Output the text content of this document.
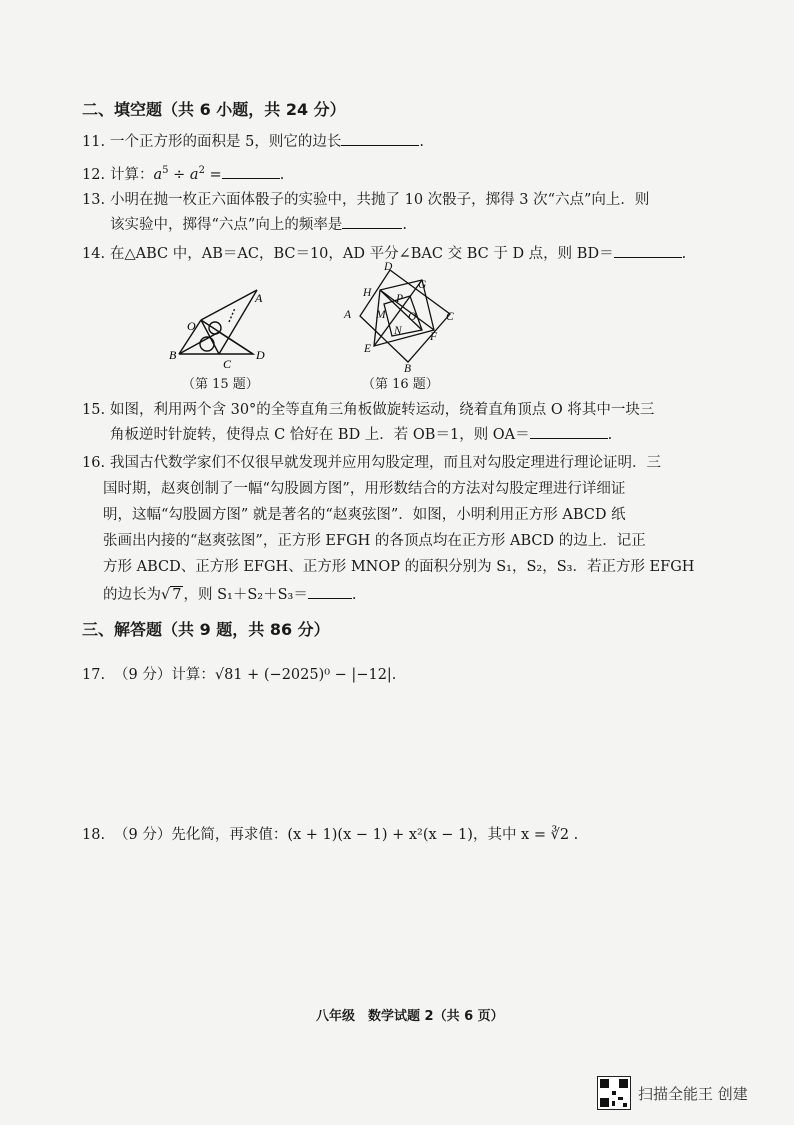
二、填空题（共 6 小题，共 24 分）
11. 一个正方形的面积是 5，则它的边长	.
12. 计算：$a^5 \div a^2$ =	.
13. 小明在抛一枚正六面体骰子的实验中，共抛了 10 次骰子，掷得 3 次“六点”向上．则
该实验中，掷得“六点”向上的频率是	.
14. 在△ABC 中，AB＝AC，BC＝10，AD 平分∠BAC 交 BC 于 D 点，则 BD＝	.
A
O
B
C
D
（第 15 题）
D
G
H P
A M O	C
N F
E
B
（第 16 题）
15. 如图，利用两个含 30°的全等直角三角板做旋转运动，绕着直角顶点 O 将其中一块三
角板逆时针旋转，使得点 C 恰好在 BD 上．若 OB＝1，则 OA＝	.
16. 我国古代数学家们不仅很早就发现并应用勾股定理，而且对勾股定理进行理论证明．三
国时期，赵爽创制了一幅“勾股圆方图”，用形数结合的方法对勾股定理进行详细证
明，这幅“勾股圆方图” 就是著名的“赵爽弦图”．如图，小明利用正方形 ABCD 纸
张画出内接的“赵爽弦图”，正方形 EFGH 的各顶点均在正方形 ABCD 的边上．记正
方形 ABCD、正方形 EFGH、正方形 MNOP 的面积分别为 S₁，S₂，S₃．若正方形 EFGH
的边长为√ 7 ，则 S₁＋S₂＋S₃＝	.
三、解答题（共 9 题，共 86 分）
17. （9 分）计算：√81 + (−2025)⁰ − |−12|.
18. （9 分）先化简，再求值：(x + 1)(x − 1) + x²(x − 1)，其中 x = ∛2 .
八年级　数学试题 2（共 6 页）
扫描全能王 创建
